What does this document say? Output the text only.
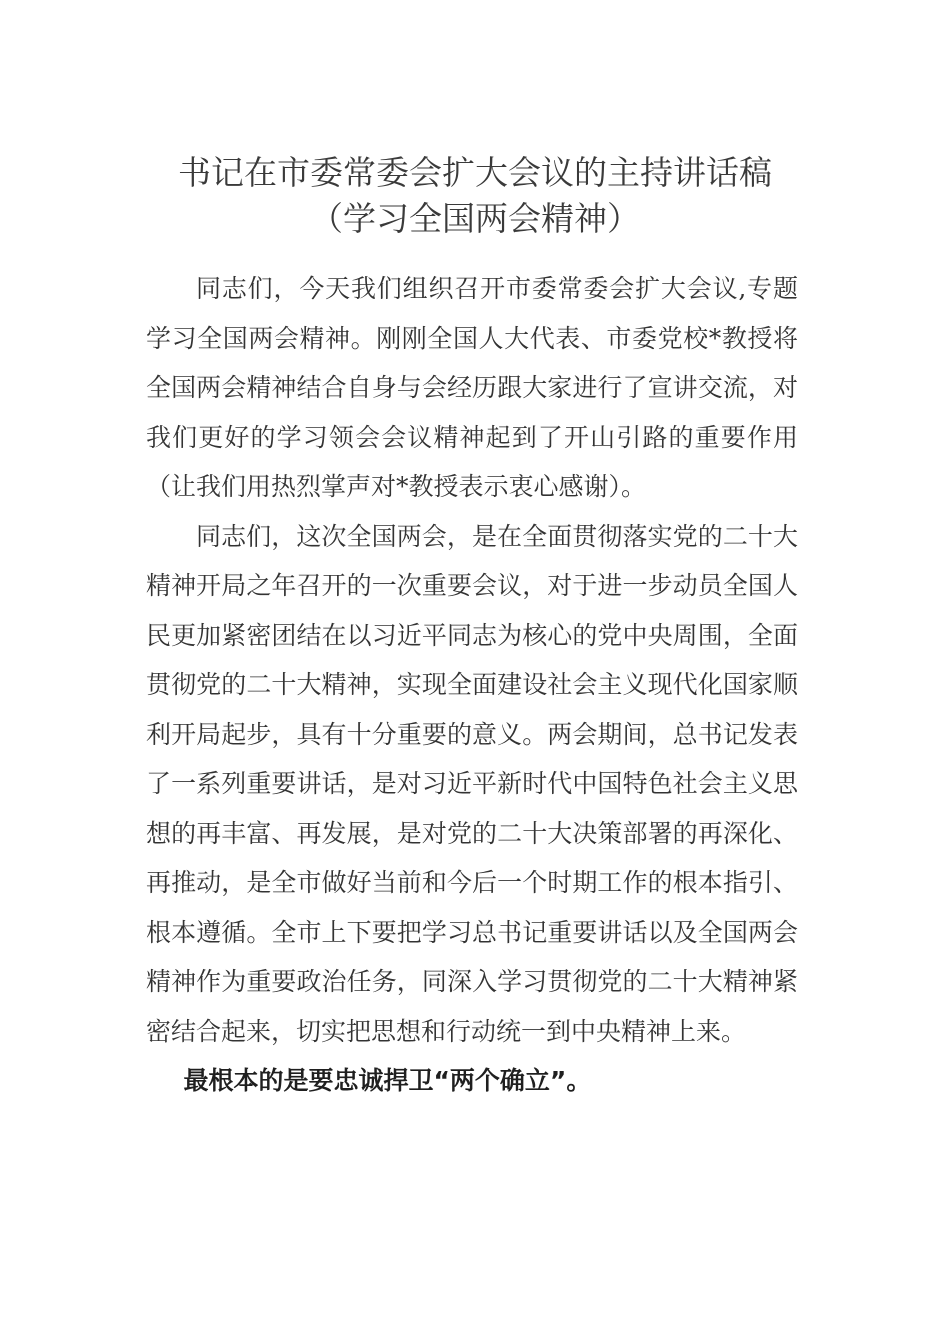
书记在市委常委会扩大会议的主持讲话稿
（学习全国两会精神）

同志们，今天我们组织召开市委常委会扩大会议,专题学习全国两会精神。刚刚全国人大代表、市委党校*教授将全国两会精神结合自身与会经历跟大家进行了宣讲交流，对我们更好的学习领会会议精神起到了开山引路的重要作用（让我们用热烈掌声对*教授表示衷心感谢）。

同志们，这次全国两会，是在全面贯彻落实党的二十大精神开局之年召开的一次重要会议，对于进一步动员全国人民更加紧密团结在以习近平同志为核心的党中央周围，全面贯彻党的二十大精神，实现全面建设社会主义现代化国家顺利开局起步，具有十分重要的意义。两会期间，总书记发表了一系列重要讲话，是对习近平新时代中国特色社会主义思想的再丰富、再发展，是对党的二十大决策部署的再深化、再推动，是全市做好当前和今后一个时期工作的根本指引、根本遵循。全市上下要把学习总书记重要讲话以及全国两会精神作为重要政治任务，同深入学习贯彻党的二十大精神紧密结合起来，切实把思想和行动统一到中央精神上来。

最根本的是要忠诚捍卫“两个确立”。
